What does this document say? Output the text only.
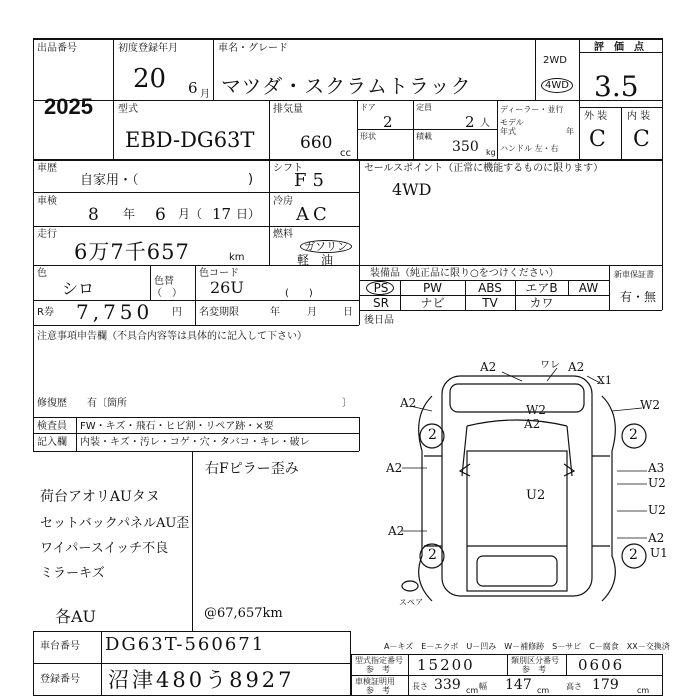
出品番号
2025
初度登録年月
20 6 月
車名・グレード
マツダ・スクラムトラック
2WD
4WD
評　価　点
3.5
外 装 内 装
C C
型式
EBD-DG63T
排気量
660
cc
ドア
2
形状
定員
2 人
積載
350 kg
ディーラー・並行
モデル
年式	年
ハンドル 左・右
車歴
自家用・（	)
車検
8 年 6 月（ 17 日）
走行
6万7千657	km
シフト
F5
冷房
AC
燃料
ガソリン
軽　油
色
シロ	色替
（　）
色コード
26U	(　　)
R券 7,750 円 名変期限	年	月	日
セールスポイント（正常に機能するものに限ります）
4WD
装備品（純正品に限り○をつけください）
PS	PW	ABS	エアB	AW
SR	ナビ	TV	カワ
新車保証書
有・無
後日品
注意事項申告欄（不具合内容等は具体的に記入して下さい）
修復歴　　有〔箇所	〕
検査員
記入欄
FW・キズ・飛石・ヒビ割・リペア跡・×要
内装・キズ・汚レ・コゲ・穴・タバコ・キレ・破レ
右Fピラー歪み
荷台アオリAUタヌ
セットバックパネルAU歪
ワイパースイッチ不良
ミラーキズ
各AU	@67,657km
A2	ワレ A2
X1
A2	W2	W2
A2
2	2
A2	A3
U2
U2
U2
A2	A2
2	2 U1
スペア
車台番号 DG63T-560671
登録番号 沼津480う8927
A－キズ　E－エクボ　U－凹み　W－補修跡　S－サビ　C－腐食　XX－交換済
型式指定番号
参　考 15200	類別区分番号
参　考 0606
車検証明用
参　考	長さ 339 cm 幅 147 cm 高さ 179 cm
